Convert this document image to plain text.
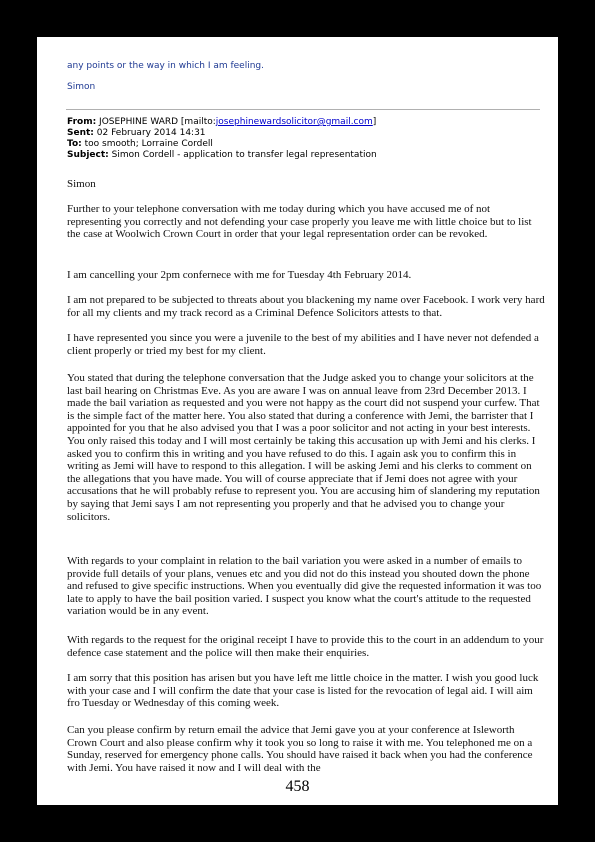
any points or the way in which I am feeling.

Simon

From: JOSEPHINE WARD [mailto:josephinewardsolicitor@gmail.com]
Sent: 02 February 2014 14:31
To: too smooth; Lorraine Cordell
Subject: Simon Cordell - application to transfer legal representation

Simon

Further to your telephone conversation with me today during which you have accused me of not representing you correctly and not defending your case properly you leave me with little choice but to list the case at Woolwich Crown Court in order that your legal representation order can be revoked.

I am cancelling your 2pm confernece with me for Tuesday 4th February 2014.

I am not prepared to be subjected to threats about you blackening my name over Facebook. I work very hard for all my clients and my track record as a Criminal Defence Solicitors attests to that.

I have represented you since you were a juvenile to the best of my abilities and I have never not defended a client properly or tried my best for my client.

You stated that during the telephone conversation that the Judge asked you to change your solicitors at the last bail hearing on Christmas Eve. As you are aware I was on annual leave from 23rd December 2013. I made the bail variation as requested and you were not happy as the court did not suspend your curfew. That is the simple fact of the matter here. You also stated that during a conference with Jemi, the barrister that I appointed for you that he also advised you that I was a poor solicitor and not acting in your best interests. You only raised this today and I will most certainly be taking this accusation up with Jemi and his clerks. I asked you to confirm this in writing and you have refused to do this. I again ask you to confirm this in writing as Jemi will have to respond to this allegation. I will be asking Jemi and his clerks to comment on the allegations that you have made. You will of course appreciate that if Jemi does not agree with your accusations that he will probably refuse to represent you. You are accusing him of slandering my reputation by saying that Jemi says I am not representing you properly and that he advised you to change your solicitors.

With regards to your complaint in relation to the bail variation you were asked in a number of emails to provide full details of your plans, venues etc and you did not do this instead you shouted down the phone and refused to give specific instructions. When you eventually did give the requested information it was too late to apply to have the bail position varied. I suspect you know what the court's attitude to the requested variation would be in any event.

With regards to the request for the original receipt I have to provide this to the court in an addendum to your defence case statement and the police will then make their enquiries.

I am sorry that this position has arisen but you have left me little choice in the matter. I wish you good luck with your case and I will confirm the date that your case is listed for the revocation of legal aid. I will aim fro Tuesday or Wednesday of this coming week.

Can you please confirm by return email the advice that Jemi gave you at your conference at Isleworth Crown Court and also please confirm why it took you so long to raise it with me. You telephoned me on a Sunday, reserved for emergency phone calls. You should have raised it back when you had the conference with Jemi. You have raised it now and I will deal with the

458
